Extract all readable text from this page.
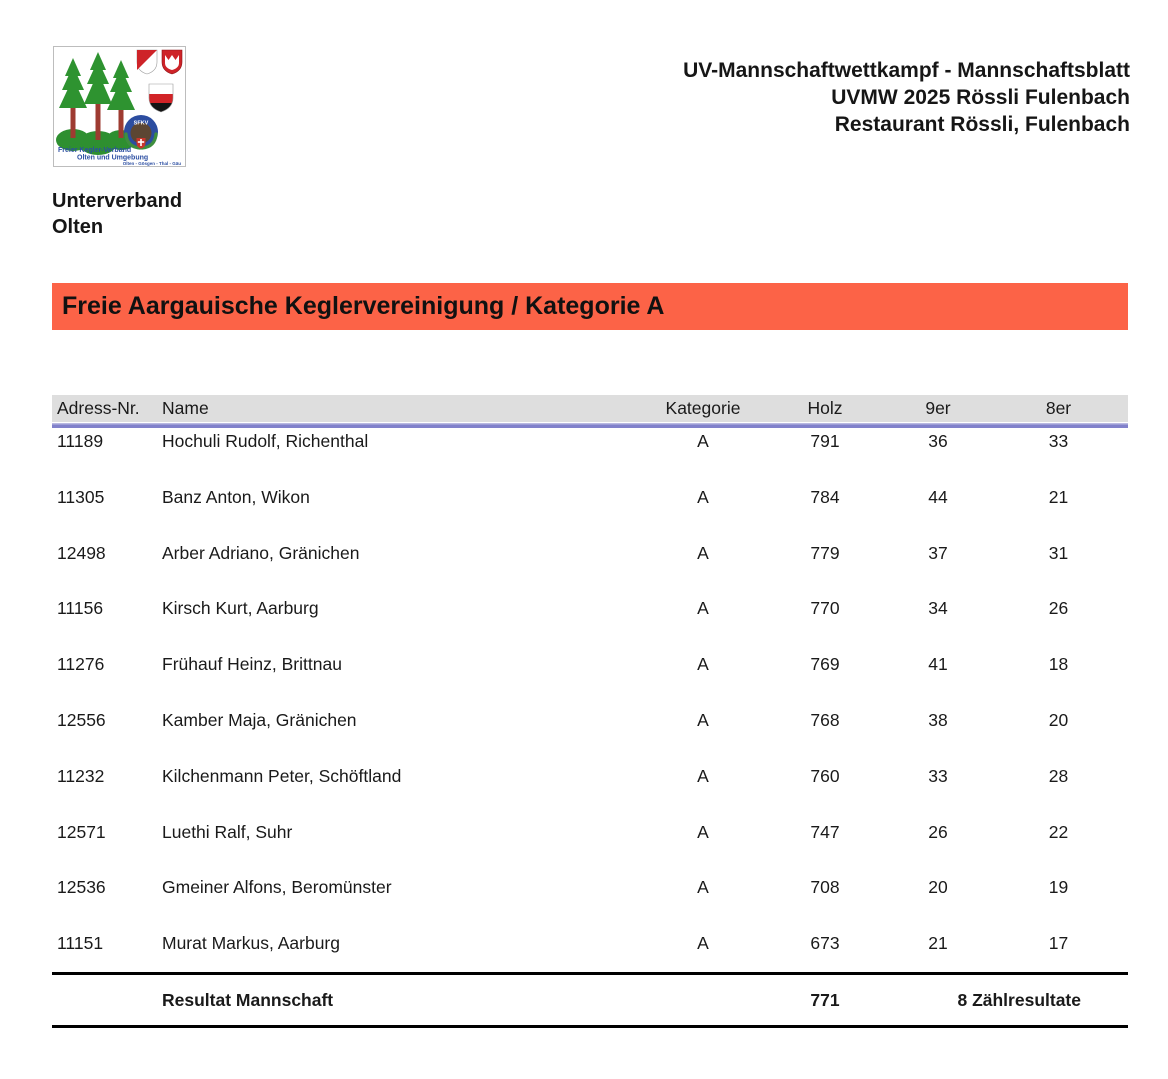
SFKV
Freier Kegler-Verband
Olten und Umgebung
Olten - Gösgen - Thal - Gäu
UV-Mannschaftwettkampf - Mannschaftsblatt
UVMW 2025 Rössli Fulenbach
Restaurant Rössli, Fulenbach
Unterverband
Olten
Freie Aargauische Keglervereinigung / Kategorie A
Adress-Nr.	Name	Kategorie	Holz	9er	8er
11189	Hochuli Rudolf, Richenthal	A	791	36	33
11305	Banz Anton, Wikon	A	784	44	21
12498	Arber Adriano, Gränichen	A	779	37	31
11156	Kirsch Kurt, Aarburg	A	770	34	26
11276	Frühauf Heinz, Brittnau	A	769	41	18
12556	Kamber Maja, Gränichen	A	768	38	20
11232	Kilchenmann Peter, Schöftland	A	760	33	28
12571	Luethi Ralf, Suhr	A	747	26	22
12536	Gmeiner Alfons, Beromünster	A	708	20	19
11151	Murat Markus, Aarburg	A	673	21	17
Resultat Mannschaft	771	8 Zählresultate
